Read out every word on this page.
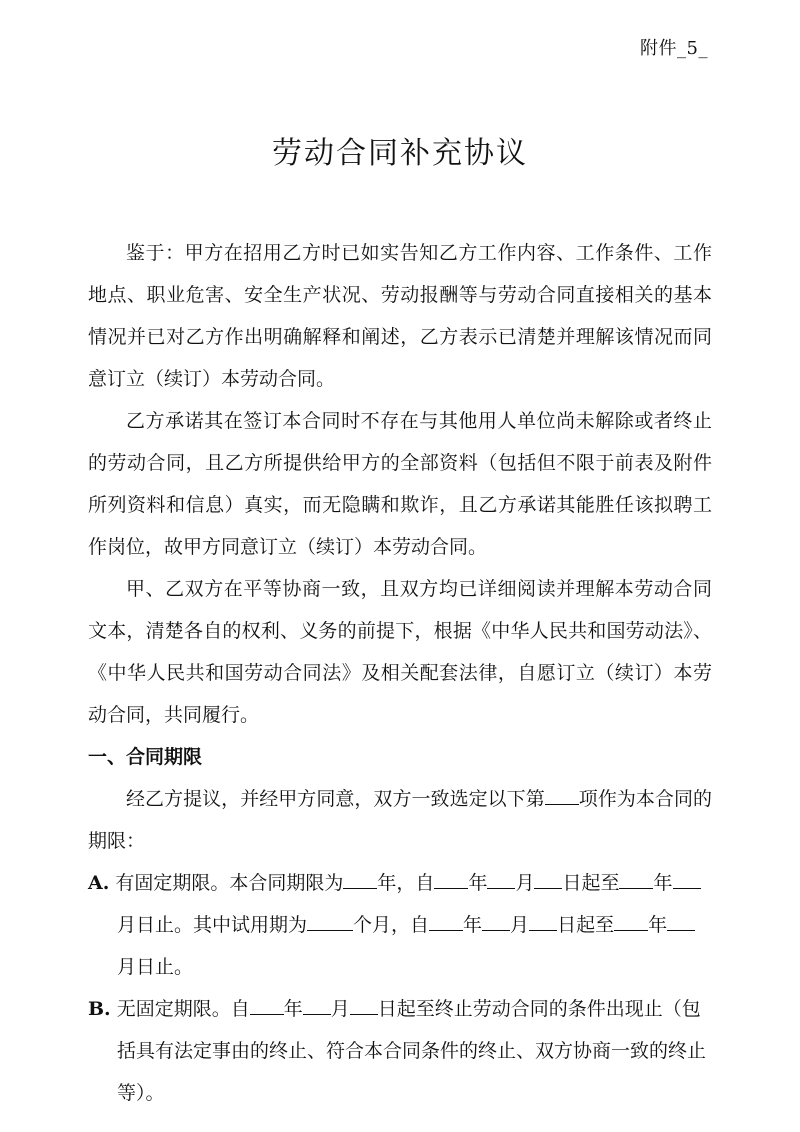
附件_5_
劳动合同补充协议

鉴于：甲方在招用乙方时已如实告知乙方工作内容、工作条件、工作地点、职业危害、安全生产状况、劳动报酬等与劳动合同直接相关的基本情况并已对乙方作出明确解释和阐述，乙方表示已清楚并理解该情况而同意订立（续订）本劳动合同。

乙方承诺其在签订本合同时不存在与其他用人单位尚未解除或者终止的劳动合同，且乙方所提供给甲方的全部资料（包括但不限于前表及附件所列资料和信息）真实，而无隐瞒和欺诈，且乙方承诺其能胜任该拟聘工作岗位，故甲方同意订立（续订）本劳动合同。

甲、乙双方在平等协商一致，且双方均已详细阅读并理解本劳动合同文本，清楚各自的权利、义务的前提下，根据《中华人民共和国劳动法》、《中华人民共和国劳动合同法》及相关配套法律，自愿订立（续订）本劳动合同，共同履行。

一、合同期限

经乙方提议，并经甲方同意，双方一致选定以下第 项作为本合同的期限：

A. 有固定期限。本合同期限为 年，自 年 月 日起至 年月日止。其中试用期为 个月，自 年 月 日起至 年月日止。

B. 无固定期限。自 年 月 日起至终止劳动合同的条件出现止（包括具有法定事由的终止、符合本合同条件的终止、双方协商一致的终止等）。
